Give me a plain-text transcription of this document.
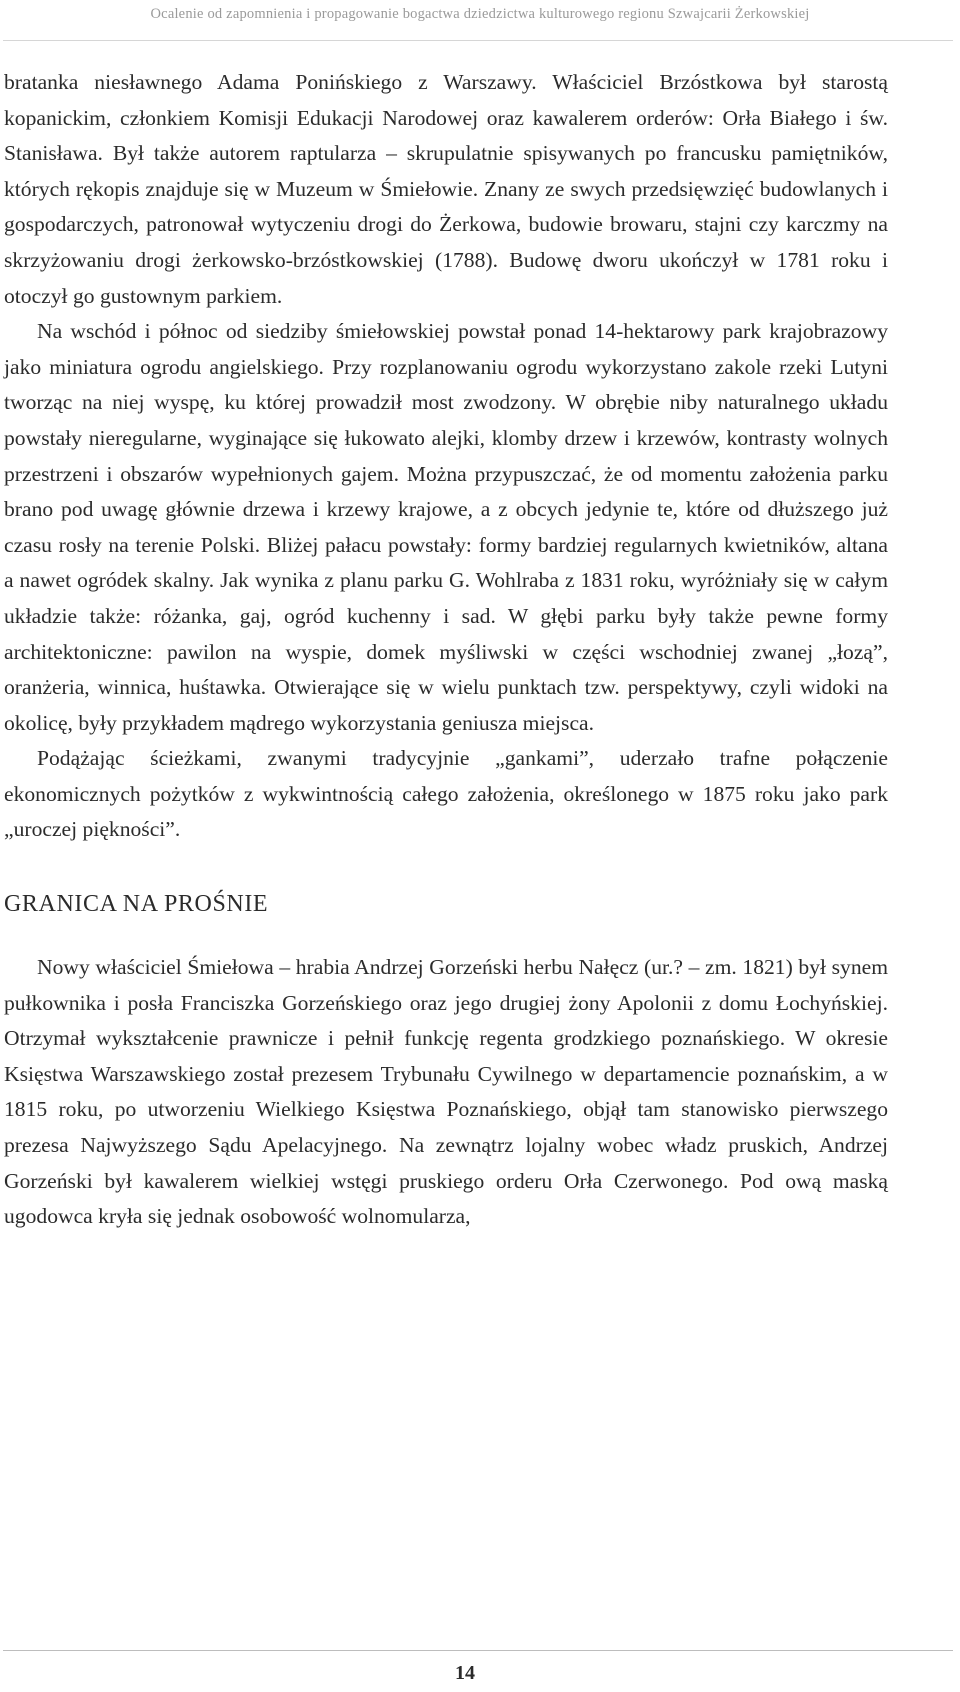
Ocalenie od zapomnienia i propagowanie bogactwa dziedzictwa kulturowego regionu Szwajcarii Żerkowskiej

bratanka niesławnego Adama Ponińskiego z Warszawy. Właściciel Brzóstkowa był starostą kopanickim, członkiem Komisji Edukacji Narodowej oraz kawalerem orderów: Orła Białego i św. Stanisława. Był także autorem raptularza – skrupulatnie spisywanych po francusku pamiętników, których rękopis znajduje się w Muzeum w Śmiełowie. Znany ze swych przedsięwzięć budowlanych i gospodarczych, patronował wytyczeniu drogi do Żerkowa, budowie browaru, stajni czy karczmy na skrzyżowaniu drogi żerkowsko-brzóstkowskiej (1788). Budowę dworu ukończył w 1781 roku i otoczył go gustownym parkiem.

Na wschód i północ od siedziby śmiełowskiej powstał ponad 14-hektarowy park krajobrazowy jako miniatura ogrodu angielskiego. Przy rozplanowaniu ogrodu wykorzystano zakole rzeki Lutyni tworząc na niej wyspę, ku której prowadził most zwodzony. W obrębie niby naturalnego układu powstały nieregularne, wyginające się łukowato alejki, klomby drzew i krzewów, kontrasty wolnych przestrzeni i obszarów wypełnionych gajem. Można przypuszczać, że od momentu założenia parku brano pod uwagę głównie drzewa i krzewy krajowe, a z obcych jedynie te, które od dłuższego już czasu rosły na terenie Polski. Bliżej pałacu powstały: formy bardziej regularnych kwietników, altana a nawet ogródek skalny. Jak wynika z planu parku G. Wohlraba z 1831 roku, wyróżniały się w całym układzie także: różanka, gaj, ogród kuchenny i sad. W głębi parku były także pewne formy architektoniczne: pawilon na wyspie, domek myśliwski w części wschodniej zwanej „łozą”, oranżeria, winnica, huśtawka. Otwierające się w wielu punktach tzw. perspektywy, czyli widoki na okolicę, były przykładem mądrego wykorzystania geniusza miejsca.

Podążając ścieżkami, zwanymi tradycyjnie „gankami”, uderzało trafne połączenie ekonomicznych pożytków z wykwintnością całego założenia, określonego w 1875 roku jako park „uroczej piękności”.

GRANICA NA PROŚNIE

Nowy właściciel Śmiełowa – hrabia Andrzej Gorzeński herbu Nałęcz (ur.? – zm. 1821) był synem pułkownika i posła Franciszka Gorzeńskiego oraz jego drugiej żony Apolonii z domu Łochyńskiej. Otrzymał wykształcenie prawnicze i pełnił funkcję regenta grodzkiego poznańskiego. W okresie Księstwa Warszawskiego został prezesem Trybunału Cywilnego w departamencie poznańskim, a w 1815 roku, po utworzeniu Wielkiego Księstwa Poznańskiego, objął tam stanowisko pierwszego prezesa Najwyższego Sądu Apelacyjnego. Na zewnątrz lojalny wobec władz pruskich, Andrzej Gorzeński był kawalerem wielkiej wstęgi pruskiego orderu Orła Czerwonego. Pod ową maską ugodowca kryła się jednak osobowość wolnomularza,

14
